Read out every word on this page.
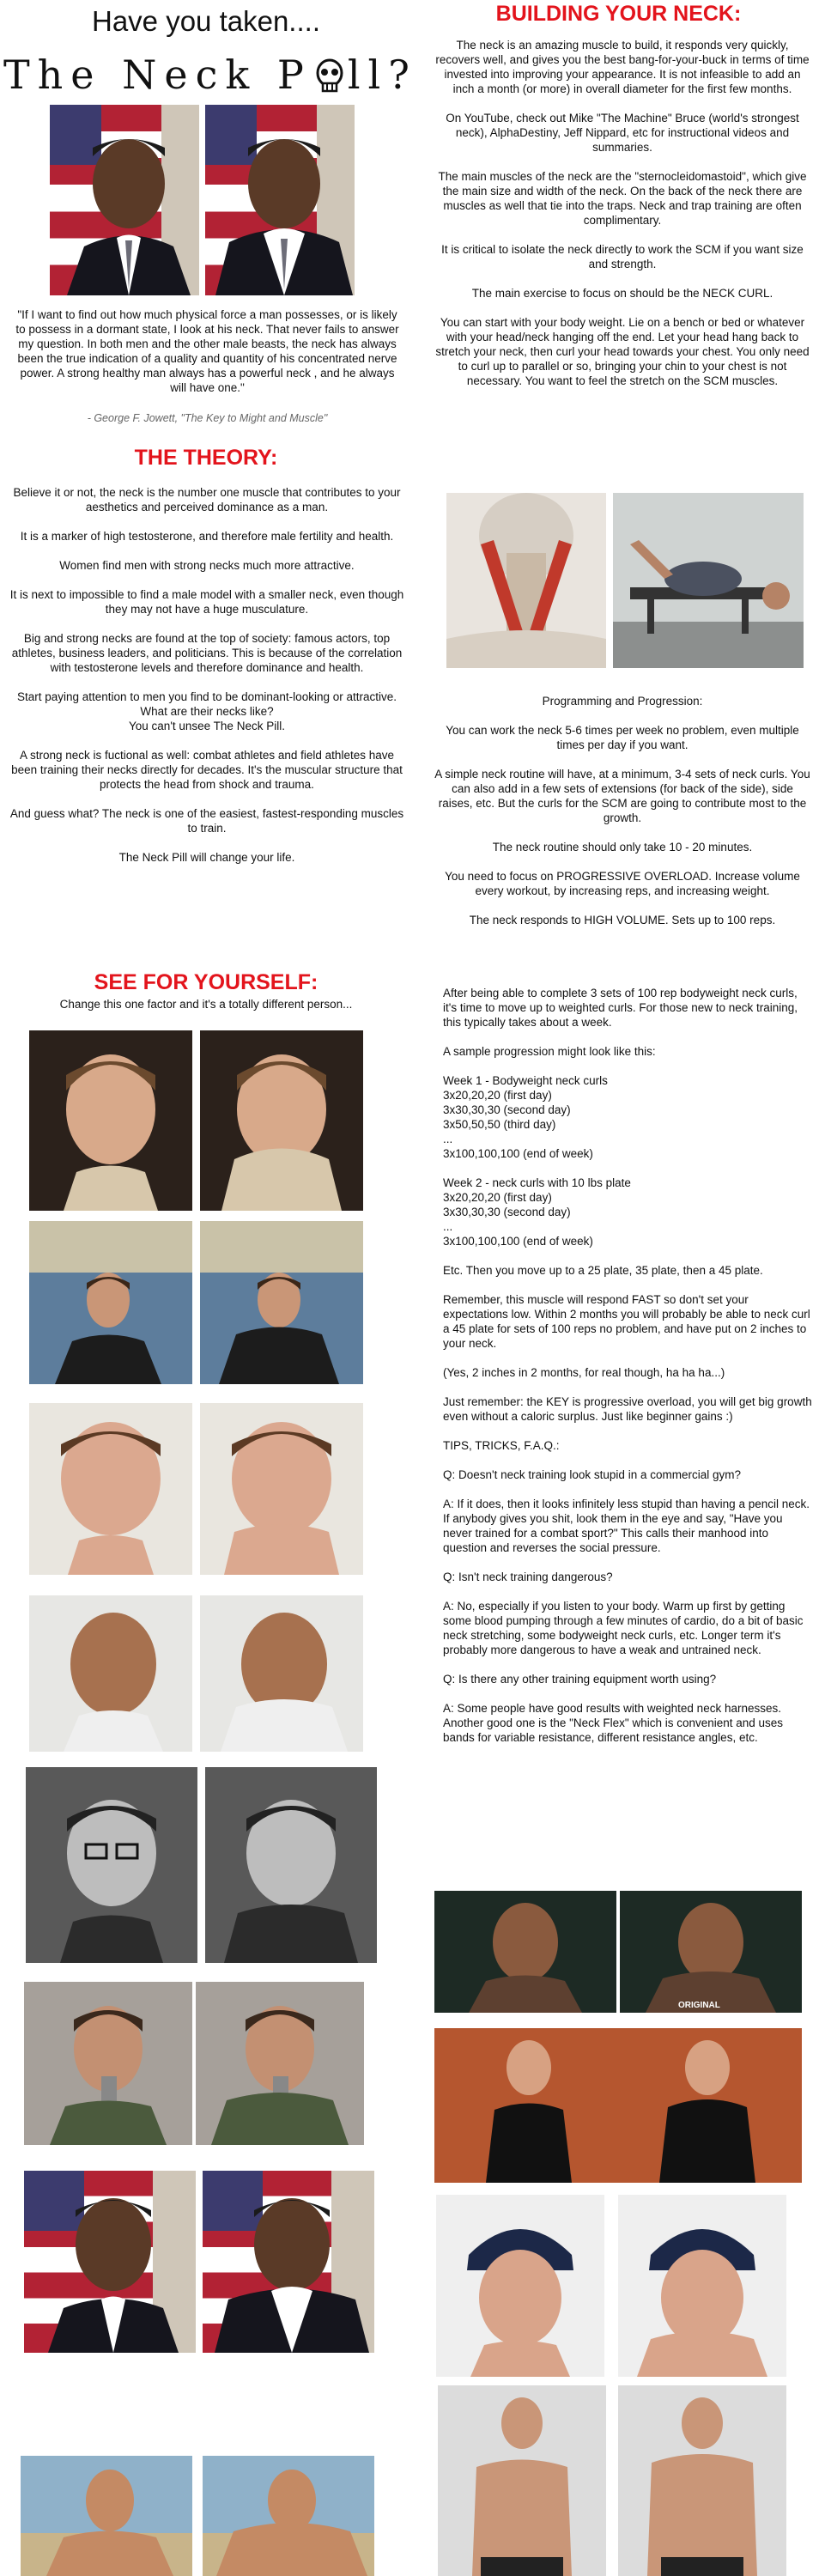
Have you taken....
The Neck P ll?
"If I want to find out how much physical force a man possesses, or is likely to possess in a dormant state, I look at his neck. That never fails to answer my question. In both men and the other male beasts, the neck has always been the true indication of a quality and quantity of his concentrated nerve power. A strong healthy man always has a powerful neck , and he always will have one."
- George F. Jowett, "The Key to Might and Muscle"
THE THEORY:

Believe it or not, the neck is the number one muscle that contributes to your aesthetics and perceived dominance as a man.

It is a marker of high testosterone, and therefore male fertility and health.

Women find men with strong necks much more attractive.

It is next to impossible to find a male model with a smaller neck, even though they may not have a huge musculature.

Big and strong necks are found at the top of society: famous actors, top athletes, business leaders, and politicians. This is because of the correlation with testosterone levels and therefore dominance and health.

Start paying attention to men you find to be dominant-looking or attractive. What are their necks like?
You can't unsee The Neck Pill.

A strong neck is fuctional as well: combat athletes and field athletes have been training their necks directly for decades. It's the muscular structure that protects the head from shock and trauma.

And guess what? The neck is one of the easiest, fastest-responding muscles to train.

The Neck Pill will change your life.

SEE FOR YOURSELF:
Change this one factor and it's a totally different person...
BUILDING YOUR NECK:

The neck is an amazing muscle to build, it responds very quickly, recovers well, and gives you the best bang-for-your-buck in terms of time invested into improving your appearance. It is not infeasible to add an inch a month (or more) in overall diameter for the first few months.

On YouTube, check out Mike "The Machine" Bruce (world's strongest neck), AlphaDestiny, Jeff Nippard, etc for instructional videos and summaries.

The main muscles of the neck are the "sternocleidomastoid", which give the main size and width of the neck. On the back of the neck there are muscles as well that tie into the traps. Neck and trap training are often complimentary.

It is critical to isolate the neck directly to work the SCM if you want size and strength.

The main exercise to focus on should be the NECK CURL.

You can start with your body weight. Lie on a bench or bed or whatever with your head/neck hanging off the end. Let your head hang back to stretch your neck, then curl your head towards your chest. You only need to curl up to parallel or so, bringing your chin to your chest is not necessary. You want to feel the stretch on the SCM muscles.

Programming and Progression:

You can work the neck 5-6 times per week no problem, even multiple times per day if you want.

A simple neck routine will have, at a minimum, 3-4 sets of neck curls. You can also add in a few sets of extensions (for back of the side), side raises, etc. But the curls for the SCM are going to contribute most to the growth.

The neck routine should only take 10 - 20 minutes.

You need to focus on PROGRESSIVE OVERLOAD. Increase volume every workout, by increasing reps, and increasing weight.

The neck responds to HIGH VOLUME. Sets up to 100 reps.

After being able to complete 3 sets of 100 rep bodyweight neck curls, it's time to move up to weighted curls. For those new to neck training, this typically takes about a week.

A sample progression might look like this:

Week 1 - Bodyweight neck curls
3x20,20,20 (first day)
3x30,30,30 (second day)
3x50,50,50 (third day)
...
3x100,100,100 (end of week)

Week 2 - neck curls with 10 lbs plate
3x20,20,20 (first day)
3x30,30,30 (second day)
...
3x100,100,100 (end of week)

Etc. Then you move up to a 25 plate, 35 plate, then a 45 plate.

Remember, this muscle will respond FAST so don't set your expectations low. Within 2 months you will probably be able to neck curl a 45 plate for sets of 100 reps no problem, and have put on 2 inches to your neck.

(Yes, 2 inches in 2 months, for real though, ha ha ha...)

Just remember: the KEY is progressive overload, you will get big growth even without a caloric surplus. Just like beginner gains :)

TIPS, TRICKS, F.A.Q.:

Q: Doesn't neck training look stupid in a commercial gym?

A: If it does, then it looks infinitely less stupid than having a pencil neck. If anybody gives you shit, look them in the eye and say, "Have you never trained for a combat sport?" This calls their manhood into question and reverses the social pressure.

Q: Isn't neck training dangerous?

A: No, especially if you listen to your body. Warm up first by getting some blood pumping through a few minutes of cardio, do a bit of basic neck stretching, some bodyweight neck curls, etc. Longer term it's probably more dangerous to have a weak and untrained neck.

Q: Is there any other training equipment worth using?

A: Some people have good results with weighted neck harnesses. Another good one is the "Neck Flex" which is convenient and uses bands for variable resistance, different resistance angles, etc.

ORIGINAL
